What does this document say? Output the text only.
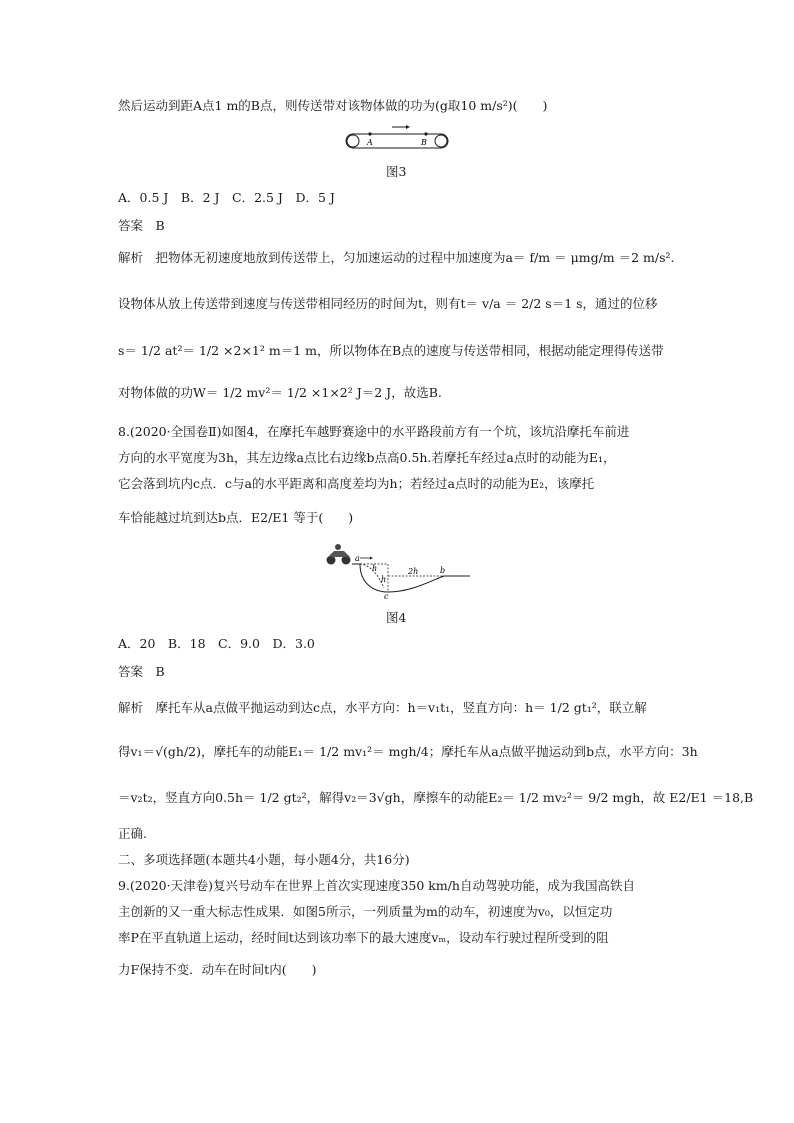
然后运动到距A点1 m的B点，则传送带对该物体做的功为(g取10 m/s²)(　　)
A	B
图3
A．0.5 J　B．2 J　C．2.5 J　D．5 J
答案　 B
解析　 把物体无初速度地放到传送带上，匀加速运动的过程中加速度为a＝ f/m ＝ μmg/m ＝2 m/s².
设物体从放上传送带到速度与传送带相同经历的时间为t，则有t＝ v/a ＝ 2/2 s＝1 s，通过的位移
s＝ 1/2 at²＝ 1/2 ×2×1² m＝1 m，所以物体在B点的速度与传送带相同，根据动能定理得传送带
对物体做的功W＝ 1/2 mv²＝ 1/2 ×1×2² J＝2 J，故选B.
8.(2020·全国卷Ⅱ)如图4，在摩托车越野赛途中的水平路段前方有一个坑，该坑沿摩托车前进
方向的水平宽度为3h，其左边缘a点比右边缘b点高0.5h.若摩托车经过a点时的动能为E₁，
它会落到坑内c点．c与a的水平距离和高度差均为h；若经过a点时的动能为E₂，该摩托
车恰能越过坑到达b点．E2/E1 等于(　　)
a
h
h
2h	b
c
图4
A．20　B．18　C．9.0　D．3.0
答案　 B
解析　 摩托车从a点做平抛运动到达c点，水平方向：h＝v₁t₁，竖直方向：h＝ 1/2 gt₁²，联立解
得v₁＝√(gh/2)，摩托车的动能E₁＝ 1/2 mv₁²＝ mgh/4；摩托车从a点做平抛运动到b点，水平方向：3h
＝v₂t₂，竖直方向0.5h＝ 1/2 gt₂²，解得v₂＝3√gh，摩擦车的动能E₂＝ 1/2 mv₂²＝ 9/2 mgh，故 E2/E1 ＝18,B
正确.
二、多项选择题(本题共4小题，每小题4分，共16分)
9.(2020·天津卷)复兴号动车在世界上首次实现速度350 km/h自动驾驶功能，成为我国高铁自
主创新的又一重大标志性成果．如图5所示，一列质量为m的动车，初速度为v₀，以恒定功
率P在平直轨道上运动，经时间t达到该功率下的最大速度vₘ，设动车行驶过程所受到的阻
力F保持不变．动车在时间t内(　　)
